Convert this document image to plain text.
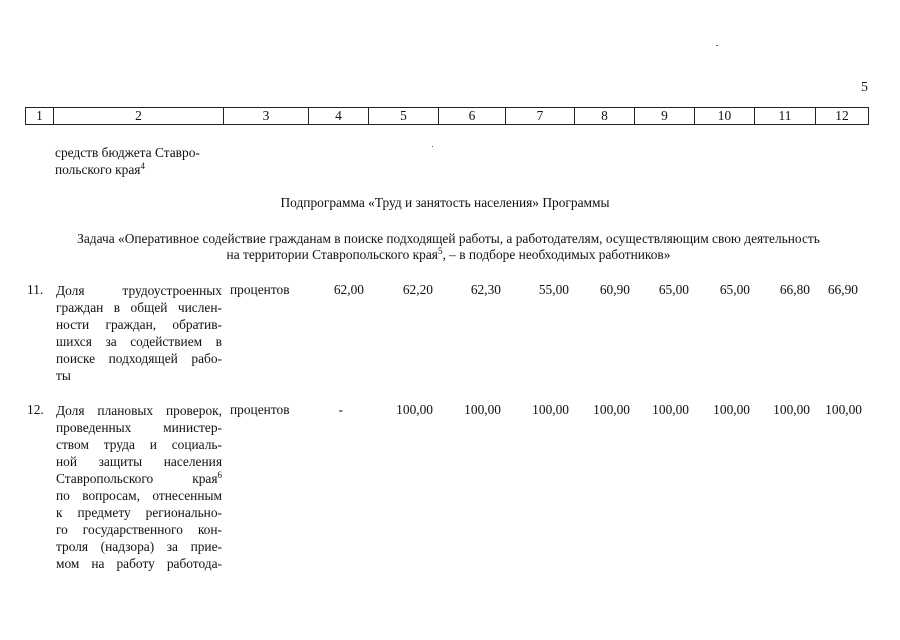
5
1	2	3	4	5	6	7	8	9	10	11	12
средств бюджета Ставро-
польского края$^4$
Подпрограмма «Труд и занятость населения» Программы
Задача «Оперативное содействие гражданам в поиске подходящей работы, а работодателям, осуществляющим свою деятельность
на территории Ставропольского края$^5$, – в подборе необходимых работников»
11. Доля трудоустроенных
граждан в общей числен-
ности граждан, обратив-
шихся за содействием в
поиске подходящей рабо-
ты
процентов	62,00	62,20	62,30	55,00 60,90 65,00 65,00 66,80 66,90
12. Доля плановых проверок,
проведенных министер-
ством труда и социаль-
ной защиты населения
Ставропольского	края$^6$
по вопросам, отнесенным
к предмету регионально-
го государственного кон-
троля (надзора) за прие-
мом на работу работода-
процентов	-	100,00 100,00 100,00 100,00 100,00 100,00 100,00 100,00
